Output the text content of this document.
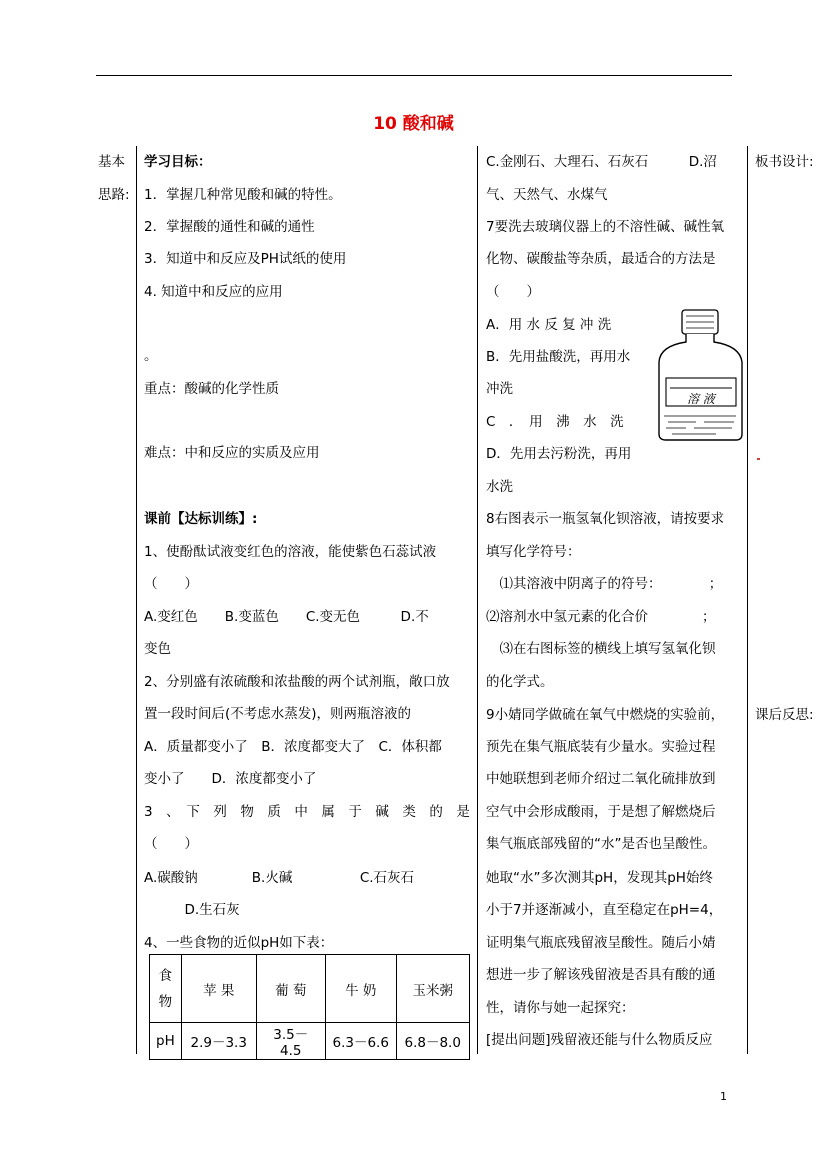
10 酸和碱
基本
思路:
板书设计:
课后反思:
学习目标：
1．掌握几种常见酸和碱的特性。
2．掌握酸的通性和碱的通性
3．知道中和反应及PH试纸的使用
4. 知道中和反应的应用
。
重点：酸碱的化学性质
难点：中和反应的实质及应用
课前【达标训练】:
1、使酚酞试液变红色的溶液，能使紫色石蕊试液
（　　）
A.变红色　　B.变蓝色　　C.变无色　　　D.不
变色
2、分别盛有浓硫酸和浓盐酸的两个试剂瓶，敞口放
置一段时间后(不考虑水蒸发)，则两瓶溶液的
A．质量都变小了　B．浓度都变大了　C．体积都
变小了　　D．浓度都变小了
3　、　下　列　物　质　中　属　于　碱　类　的　是
（　　）
A.碳酸钠　　　　B.火碱　　　　　C.石灰石
　　　D.生石灰
4、一些食物的近似pH如下表：
食物	苹 果	葡 萄	牛 奶	玉米粥
pH	2.9－3.3	3.5－4.5	6.3－6.6	6.8－8.0
C.金刚石、大理石、石灰石　　　D.沼
气、天然气、水煤气
7要洗去玻璃仪器上的不溶性碱、碱性氧
化物、碳酸盐等杂质，最适合的方法是
（　　）
A．用 水 反 复 冲 洗
B．先用盐酸洗，再用水
冲洗
C　．　用　沸　水　洗
D．先用去污粉洗，再用
水洗
8右图表示一瓶氢氧化钡溶液，请按要求
填写化学符号：
　⑴其溶液中阴离子的符号：　　　　；
⑵溶剂水中氢元素的化合价　　　　；
　⑶在右图标签的横线上填写氢氧化钡
的化学式。
9小婧同学做硫在氧气中燃烧的实验前，
预先在集气瓶底装有少量水。实验过程
中她联想到老师介绍过二氧化硫排放到
空气中会形成酸雨，于是想了解燃烧后
集气瓶底部残留的“水”是否也呈酸性。
她取“水”多次测其pH，发现其pH始终
小于7并逐渐减小，直至稳定在pH=4，
证明集气瓶底残留液呈酸性。随后小婧
想进一步了解该残留液是否具有酸的通
性，请你与她一起探究：
[提出问题]残留液还能与什么物质反应
溶 液
1
